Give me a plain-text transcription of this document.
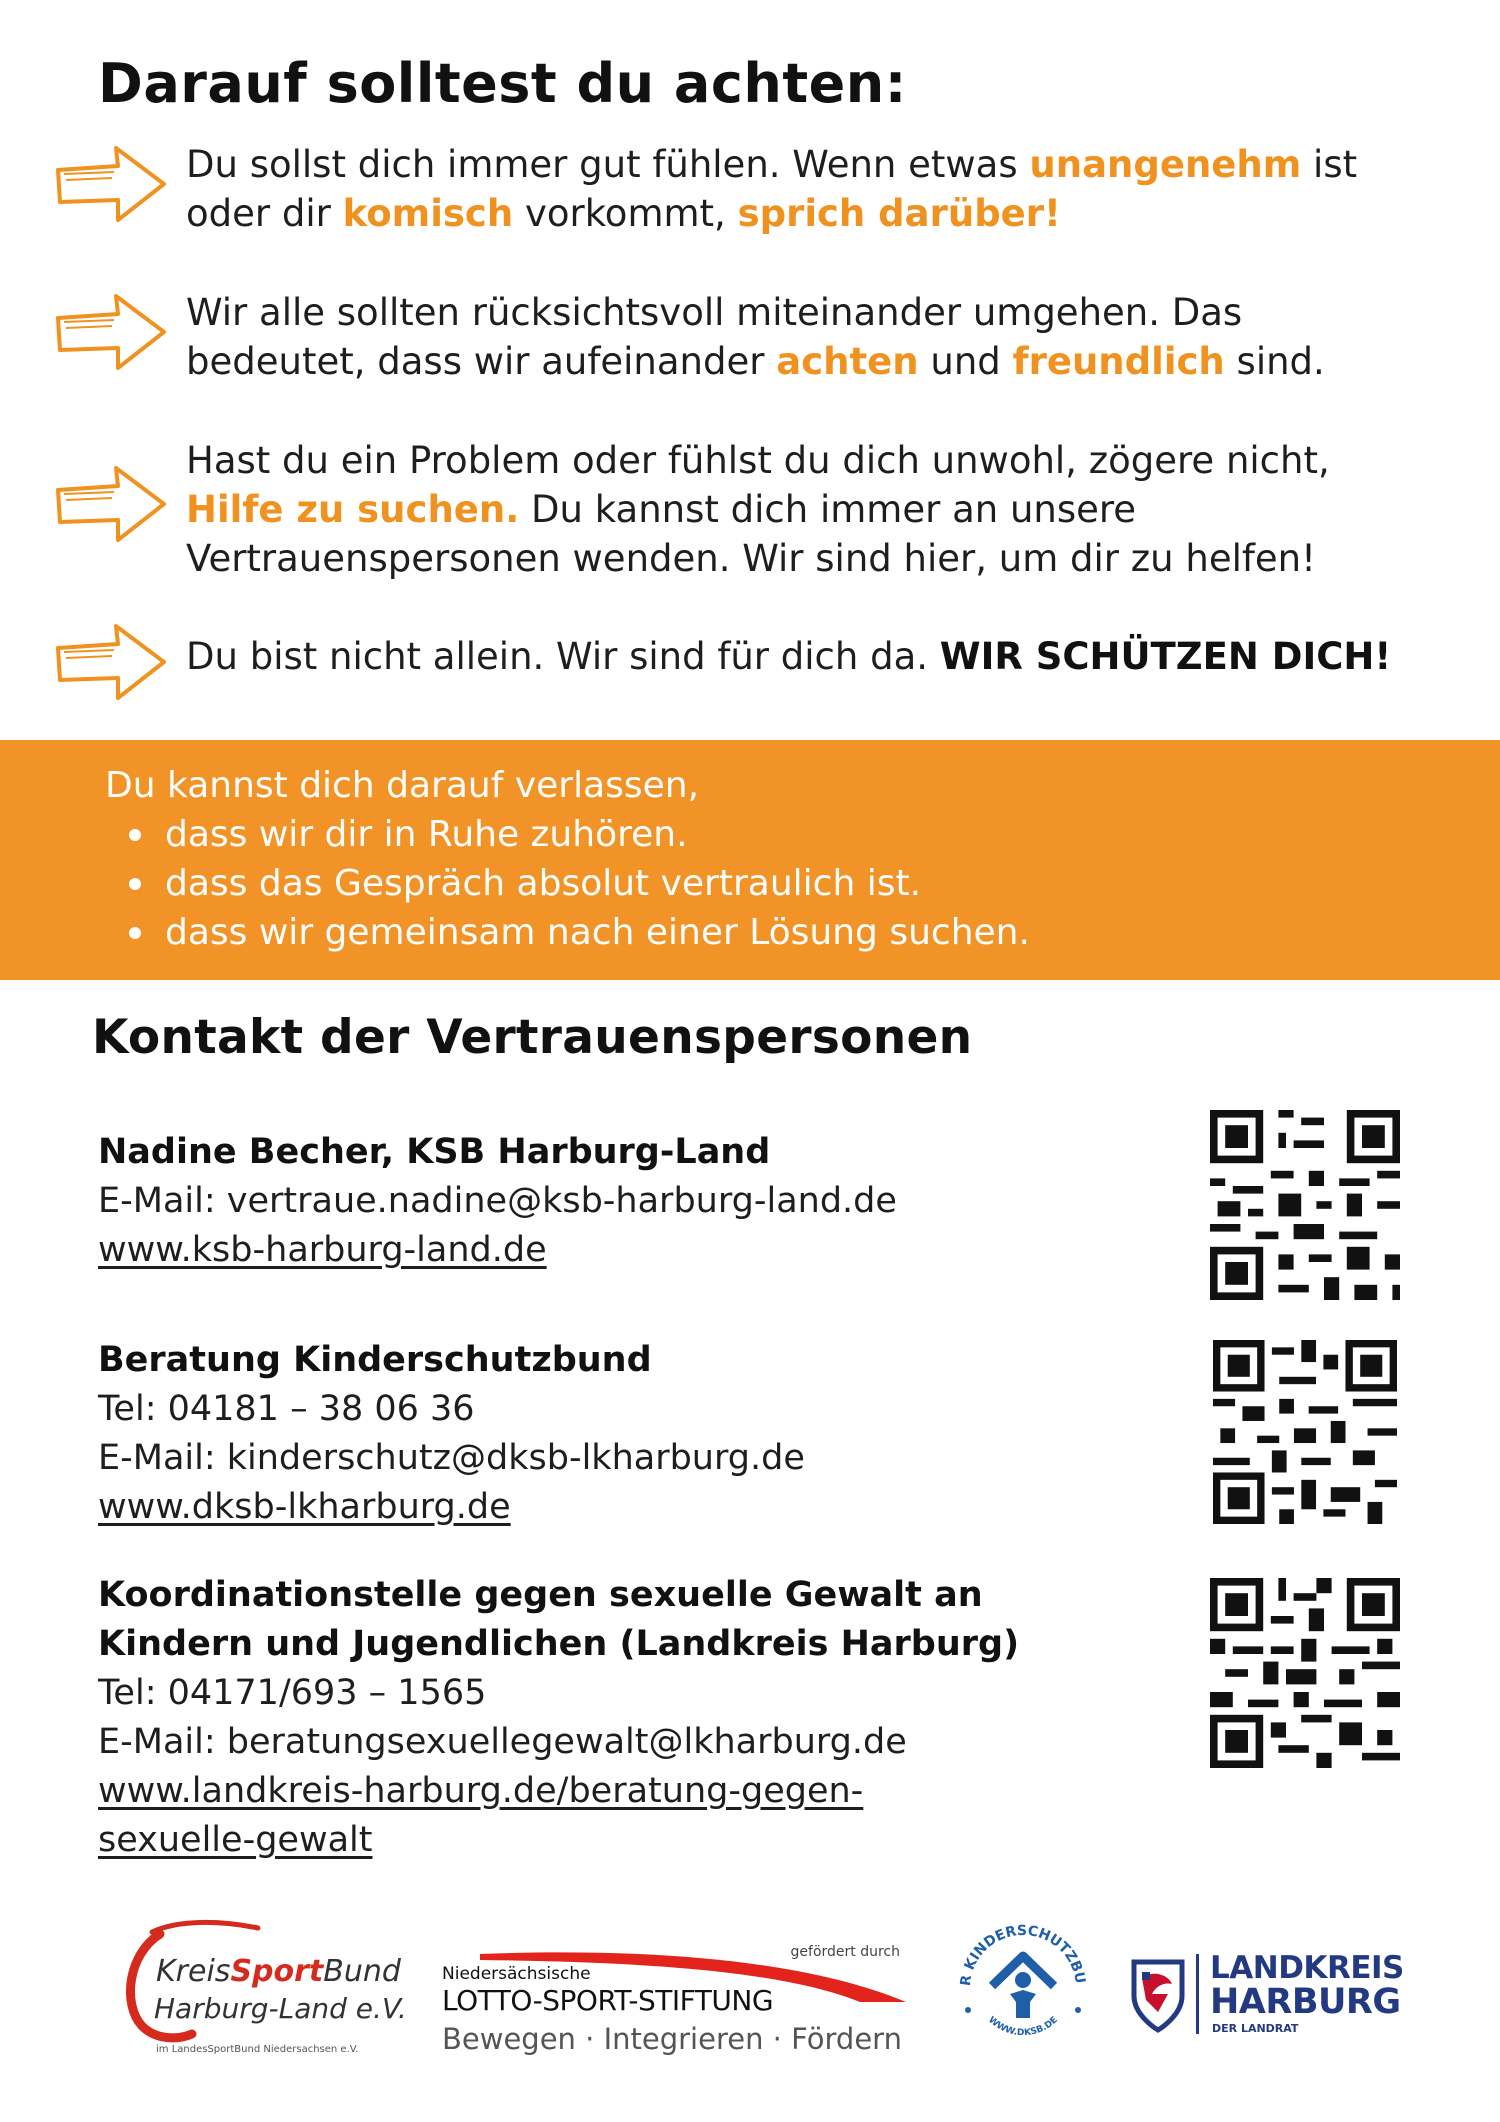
Darauf solltest du achten:
Du sollst dich immer gut fühlen. Wenn etwas unangenehm ist
oder dir komisch vorkommt, sprich darüber!
Wir alle sollten rücksichtsvoll miteinander umgehen. Das
bedeutet, dass wir aufeinander achten und freundlich sind.
Hast du ein Problem oder fühlst du dich unwohl, zögere nicht,
Hilfe zu suchen. Du kannst dich immer an unsere
Vertrauenspersonen wenden. Wir sind hier, um dir zu helfen!
Du bist nicht allein. Wir sind für dich da. WIR SCHÜTZEN DICH!
Du kannst dich darauf verlassen,
dass wir dir in Ruhe zuhören.
dass das Gespräch absolut vertraulich ist.
dass wir gemeinsam nach einer Lösung suchen.
Kontakt der Vertrauenspersonen
Nadine Becher, KSB Harburg-Land
E-Mail: vertraue.nadine@ksb-harburg-land.de
www.ksb-harburg-land.de
Beratung Kinderschutzbund
Tel: 04181 – 38 06 36
E-Mail: kinderschutz@dksb-lkharburg.de
www.dksb-lkharburg.de
Koordinationstelle gegen sexuelle Gewalt an
Kindern und Jugendlichen (Landkreis Harburg)
Tel: 04171/693 – 1565
E-Mail: beratungsexuellegewalt@lkharburg.de
www.landkreis-harburg.de/beratung-gegen-
sexuelle-gewalt
KreisSportBund
Harburg-Land e.V.
im LandesSportBund Niedersachsen e.V.
gefördert durch
Niedersächsische
LOTTO-SPORT-STIFTUNG
Bewegen · Integrieren · Fördern
R KINDERSCHUTZBU
WWW.DKSB.DE
LANDKREIS
HARBURG
DER LANDRAT
